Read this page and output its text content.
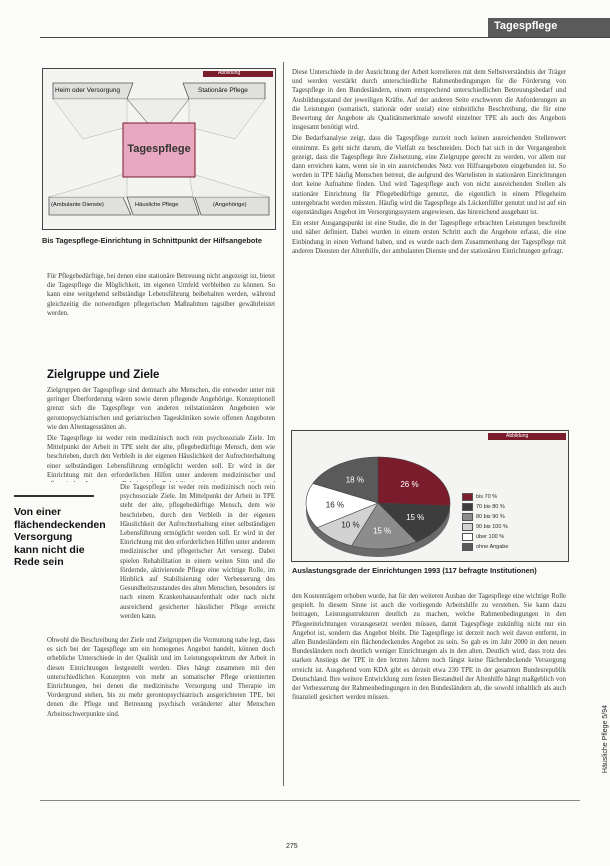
Tagespflege
Abbildung
Heim oder Versorgung	Stationäre Pflege
Tagespflege
(Ambulante Dienste)	Häusliche Pflege	(Angehörige)
Bis Tagespflege-Einrichtung in Schnittpunkt der Hilfsangebote

Für Pflegebedürftige, bei denen eine stationäre Betreuung nicht angezeigt ist, bietet die Tagespflege die Möglichkeit, im eigenen Umfeld verbleiben zu können. So kann eine weitgehend selbständige Lebensführung beibehalten werden, während gleichzeitig die notwendigen pflegerischen Maßnahmen tagsüber gewährleistet werden.

Zielgruppe und Ziele

Zielgruppen der Tagespflege sind demnach alte Menschen, die entweder unter mit geringer Überforderung wären sowie deren pflegende Angehörige. Konzeptionell grenzt sich die Tagespflege von anderen teilstationären Angeboten wie gerontopsychiatrischen und geriatrischen Tageskliniken sowie offenen Angeboten wie den Altentagesstätten ab.

Die Tagespflege ist weder rein medizinisch noch rein psychosoziale Ziele. Im Mittelpunkt der Arbeit in TPE steht der alte, pflegebedürftige Mensch, dem wie beschrieben, durch den Verbleib in der eigenen Häuslichkeit der Aufrechterhaltung einer selbständigen Lebensführung ermöglicht werden soll. Er wird in der Einrichtung mit den erforderlichen Hilfen unter anderem medizinischer und

Von einer flächendeckenden Versorgung kann nicht die Rede sein

Die Tagespflege ist weder rein medizinisch noch rein psychosoziale Ziele. Im Mittelpunkt der Arbeit in TPE steht der alte, pflegebedürftige Mensch, dem wie beschrieben, durch den Verbleib in der eigenen Häuslichkeit der Aufrechterhaltung einer selbständigen Lebensführung ermöglicht werden soll. Er wird in der Einrichtung mit den erforderlichen Hilfen unter anderem medizinischer und pflegerischer Art versorgt. Dabei spielen Rehabilitation in einem weiten Sinn und die fördernde, aktivierende Pflege eine wichtige Rolle, im Hinblick auf Stabilisierung oder Verbesserung des Gesundheitszustandes des alten Menschen, besonders ist nach einem Krankenhausaufenthalt oder nach nicht ausreichend gesicherter häuslicher Pflege erreicht werden kann.

Obwohl die Beschreibung der Ziele und Zielgruppen die Vermutung nahe legt, dass es sich bei der Tagespflege um ein homogenes Angebot handelt, können doch erhebliche Unterschiede in der Qualität und im Leistungsspektrum der Arbeit in diesen Einrichtungen festgestellt werden. Dies hängt zusammen mit den unterschiedlichen Konzepten von mehr an somatischer Pflege orientierten Einrichtungen, bei denen die medizinische Versorgung und Therapie im Vordergrund stehen, bis zu mehr gerontopsychiatrisch ausgerichteten TPE, bei denen die Pflege und Betreuung psychisch veränderter alter Menschen Arbeitsschwerpunkte sind.

Diese Unterschiede in der Ausrichtung der Arbeit korrelieren mit dem Selbstverständnis der Träger und werden verstärkt durch unterschiedliche Rahmenbedingungen für die Förderung von Tagespflege in den Bundesländern, einem entsprechend unterschiedlichen Betreuungsbedarf und Ausbildungsstand der jeweiligen Kräfte. Auf der anderen Seite erschweren die Anforderungen an die Leistungen (somatisch, stationär oder sozial) eine einheitliche Beschreibung, die für eine Bewertung der Angebote als Qualitätsmerkmale sowohl einzelner TPE als auch des Angebots insgesamt benötigt wird.

Die Bedarfsanalyse zeigt, dass die Tagespflege zurzeit noch keinen ausreichenden Stellenwert einnimmt. Es geht nicht darum, die Vielfalt zu beschneiden. Doch hat sich in der Vergangenheit gezeigt, dass die Tagespflege ihre Zielsetzung, eine Zielgruppe gerecht zu werden, vor allem nur dann erreichen kann, wenn sie in ein ausreichendes Netz von Hilfsangeboten eingebunden ist. So werden in TPE häufig Menschen betreut, die aufgrund des Wartelisten in stationären Einrichtungen dort keine Aufnahme finden. Und wird Tagespflege auch von nicht ausreichenden Stellen als stationäre Einrichtung für Pflegebedürftige genutzt, die eigentlich in einem Pflegeheim untergebracht werden müssten. Häufig wird die Tagespflege als Lückenfüller genutzt und ist auf ein eigenständiges Angebot im Versorgungssystem angewiesen, das hinreichend ausgebaut ist.

Ein erster Ausgangspunkt ist eine Studie, die in der Tagespflege erbrachten Leistungen beschreibt und näher definiert. Dabei wurden in einem ersten Schritt auch die Angebote erfasst, die eine Einbindung in einen Verbund haben, und es wurde nach dem Zusammenhang der Tagespflege mit anderen Diensten der Altenhilfe, der ambulanten Dienste und der stationären Einrichtungen gefragt.

Abbildung
26 %
15 %
15 %
10 %
16 %
18 %
bis 70 %
70 bis 80 %
80 bis 90 %
90 bis 100 %
über 100 %
ohne Angabe
Auslastungsgrade der Einrichtungen 1993 (117 befragte Institutionen)

den Kostenträgern erhoben wurde, hat für den weiteren Ausbau der Tagespflege eine wichtige Rolle gespielt. In diesem Sinne ist auch die vorliegende Arbeitshilfe zu verstehen. Sie kann dazu beitragen, Leistungsstrukturen deutlich zu machen, welche Rahmenbedingungen in den Pflegeeinrichtungen vorausgesetzt werden müssen, damit Tagespflege zukünftig nicht nur ein Angebot ist, sondern das Angebot bleibt. Die Tagespflege ist derzeit noch weit davon entfernt, in allen Bundesländern ein flächendeckendes Angebot zu sein. So gab es im Jahr 2000 in den neuen Bundesländern noch deutlich weniger Einrichtungen als in den alten. Deutlich wird, dass trotz des starken Anstiegs der TPE in den letzten Jahren noch längst keine flächendeckende Versorgung erreicht ist. Ausgehend vom KDA gibt es derzeit etwa 230 TPE in der gesamten Bundesrepublik Deutschland. Ihre weitere Entwicklung zum festen Bestandteil der Altenhilfe hängt maßgeblich von der Verbesserung der Rahmenbedingungen in den Bundesländern ab, die sowohl inhaltlich als auch finanziell gesichert werden müssen.

275
Häusliche Pflege 5/94
